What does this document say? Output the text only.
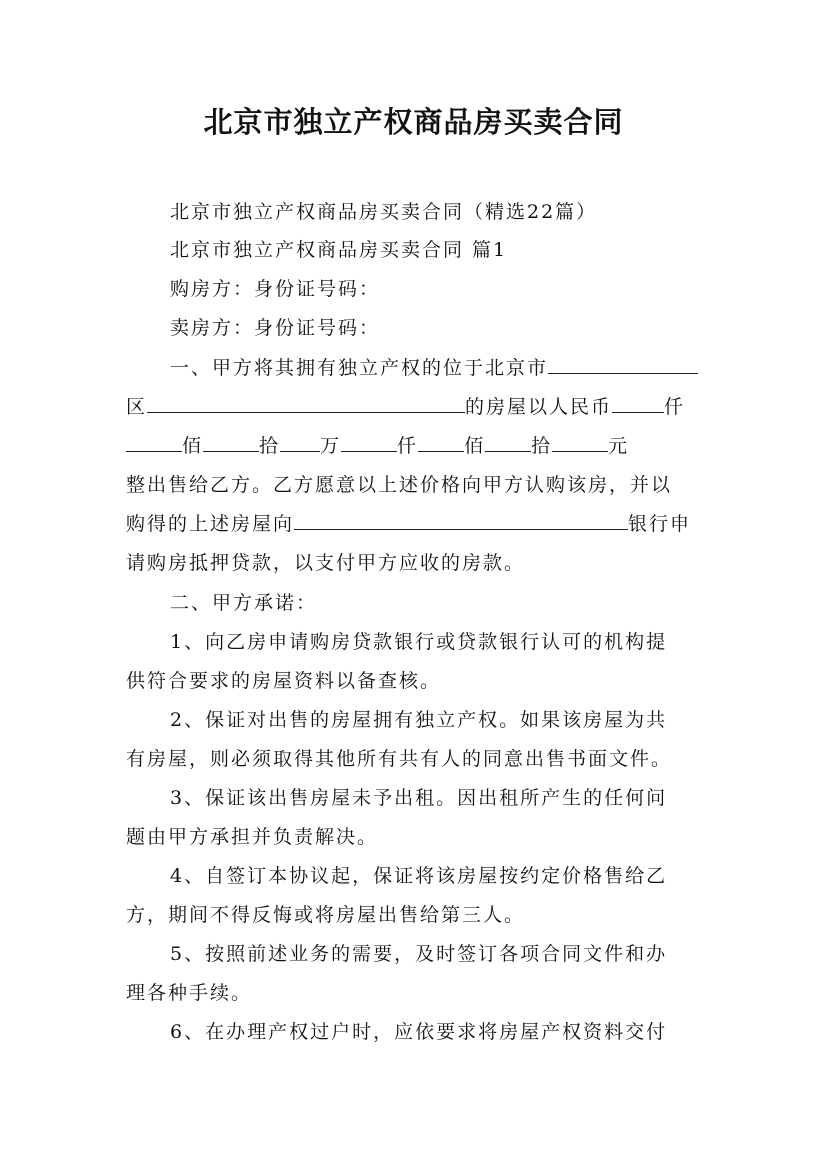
北京市独立产权商品房买卖合同
北京市独立产权商品房买卖合同（精选22篇）
北京市独立产权商品房买卖合同 篇1
购房方：身份证号码：
卖房方：身份证号码：
一、甲方将其拥有独立产权的位于北京市
区	的房屋以人民币	仟
佰	拾 万	仟 佰 拾	元
整出售给乙方。乙方愿意以上述价格向甲方认购该房，并以
购得的上述房屋向	银行申
请购房抵押贷款，以支付甲方应收的房款。
二、甲方承诺：
1、向乙房申请购房贷款银行或贷款银行认可的机构提
供符合要求的房屋资料以备查核。
2、保证对出售的房屋拥有独立产权。如果该房屋为共
有房屋，则必须取得其他所有共有人的同意出售书面文件。
3、保证该出售房屋未予出租。因出租所产生的任何问
题由甲方承担并负责解决。
4、自签订本协议起，保证将该房屋按约定价格售给乙
方，期间不得反悔或将房屋出售给第三人。
5、按照前述业务的需要，及时签订各项合同文件和办
理各种手续。
6、在办理产权过户时，应依要求将房屋产权资料交付
